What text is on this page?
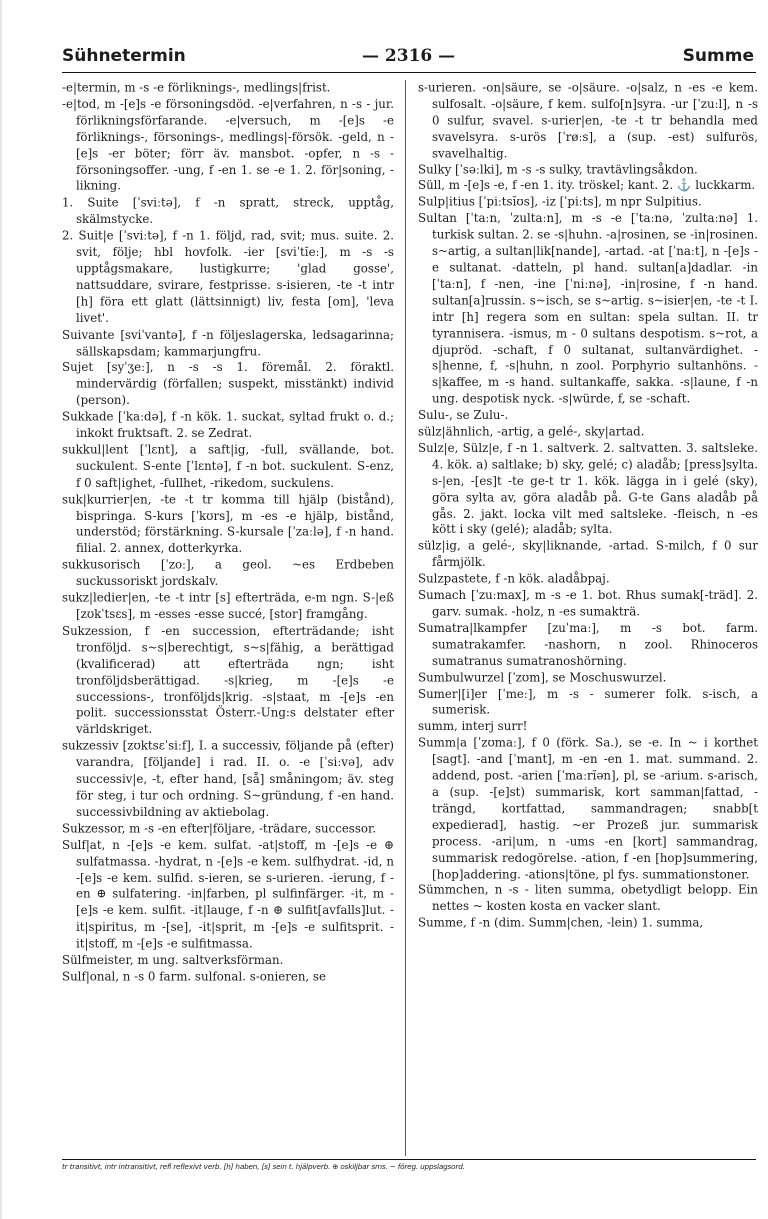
Sühnetermin	— 2316 —	Summe

-e|termin, m -s -e förliknings-, medlings|frist.

-e|tod, m -[e]s -e försoningsdöd. -e|verfahren, n -s - jur. förlikningsförfarande. -e|versuch, m -[e]s -e förliknings-, försonings-, medlings|-försök. -geld, n -[e]s -er böter; förr äv. mansbot. -opfer, n -s - försoningsoffer. -ung, f -en 1. se -e 1. 2. för|soning, -likning.

1. Suite [ˈsviːtə], f -n spratt, streck, upptåg, skälmstycke.

2. Suit|e [ˈsviːtə], f -n 1. följd, rad, svit; mus. suite. 2. svit, följe; hbl hovfolk. -ier [sviˈtĭeː], m -s -s upptågsmakare, lustigkurre; 'glad gosse', nattsuddare, svirare, festprisse. s-isieren, -te -t intr [h] föra ett glatt (lättsinnigt) liv, festa [om], 'leva livet'.

Suivante [sviˈvantə], f -n följeslagerska, ledsagarinna; sällskapsdam; kammarjungfru.

Sujet [syˈʒeː], n -s -s 1. föremål. 2. föraktl. mindervärdig (förfallen; suspekt, misstänkt) individ (person).

Sukkade [ˈkaːdə], f -n kök. 1. suckat, syltad frukt o. d.; inkokt fruktsaft. 2. se Zedrat.

sukkul|lent [ˈlɛnt], a saft|ig, -full, svällande, bot. suckulent. S-ente [ˈlɛntə], f -n bot. suckulent. S-enz, f 0 saft|ighet, -fullhet, -rikedom, suckulens.

suk|kurrier|en, -te -t tr komma till hjälp (bistånd), bispringa. S-kurs [ˈkʊrs], m -es -e hjälp, bistånd, understöd; förstärkning. S-kursale [ˈzaːlə], f -n hand. filial. 2. annex, dotterkyrka.

sukkusorisch [ˈzoː], a geol. ~es Erdbeben suckussoriskt jordskalv.

sukz|ledier|en, -te -t intr [s] efterträda, e-m ngn. S-|eß [zʊkˈtsɛs], m -esses -esse succé, [stor] framgång.

Sukzession, f -en succession, efterträdande; isht tronföljd. s~s|berechtigt, s~s|fähig, a berättigad (kvalificerad) att efterträda ngn; isht tronföljdsberättigad. -s|krieg, m -[e]s -e successions-, tronföljds|krig. -s|staat, m -[e]s -en polit. successionsstat Österr.-Ung:s delstater efter världskriget.

sukzessiv [zʊktsɛˈsiːf], I. a successiv, följande på (efter) varandra, [följande] i rad. II. o. -e [ˈsiːvə], adv successiv|e, -t, efter hand, [så] småningom; äv. steg för steg, i tur och ordning. S~gründung, f -en hand. successivbildning av aktiebolag.

Sukzessor, m -s -en efter|följare, -trädare, successor.

Sulf|at, n -[e]s -e kem. sulfat. -at|stoff, m -[e]s -e ⊕ sulfatmassa. -hydrat, n -[e]s -e kem. sulfhydrat. -id, n -[e]s -e kem. sulfid. s-ieren, se s-urieren. -ierung, f -en ⊕ sulfatering. -in|farben, pl sulfinfärger. -it, m -[e]s -e kem. sulfit. -it|lauge, f -n ⊕ sulfit[avfalls]lut. -it|spiritus, m -[se], -it|sprit, m -[e]s -e sulfitsprit. -it|stoff, m -[e]s -e sulfitmassa.

Sülfmeister, m ung. saltverksförman.

Sulf|onal, n -s 0 farm. sulfonal. s-onieren, se

s-urieren. -on|säure, se -o|säure. -o|salz, n -es -e kem. sulfosalt. -o|säure, f kem. sulfo[n]syra. -ur [ˈzuːl], n -s 0 sulfur, svavel. s-urier|en, -te -t tr behandla med svavelsyra. s-urös [ˈrøːs], a (sup. -est) sulfurös, svavelhaltig.

Sulky [ˈsəːlki], m -s -s sulky, travtävlingsåkdon.

Süll, m -[e]s -e, f -en 1. ity. tröskel; kant. 2. ⚓ luckkarm.

Sulp|itius [ˈpiːtsĭʊs], -iz [ˈpiːts], m npr Sulpitius.

Sultan [ˈtaːn, ˈzultaːn], m -s -e [ˈtaːnə, ˈzultaːnə] 1. turkisk sultan. 2. se -s|huhn. -a|rosinen, se -in|rosinen. s~artig, a sultan|lik[nande], -artad. -at [ˈnaːt], n -[e]s -e sultanat. -datteln, pl hand. sultan[a]dadlar. -in [ˈtaːn], f -nen, -ine [ˈniːnə], -in|rosine, f -n hand. sultan[a]russin. s~isch, se s~artig. s~isier|en, -te -t I. intr [h] regera som en sultan: spela sultan. II. tr tyrannisera. -ismus, m - 0 sultans despotism. s~rot, a djupröd. -schaft, f 0 sultanat, sultanvärdighet. -s|henne, f, -s|huhn, n zool. Porphyrio sultanhöns. -s|kaffee, m -s hand. sultankaffe, sakka. -s|laune, f -n ung. despotisk nyck. -s|würde, f, se -schaft.

Sulu-, se Zulu-.

sülz|ähnlich, -artig, a gelé-, sky|artad.

Sulz|e, Sülz|e, f -n 1. saltverk. 2. saltvatten. 3. saltsleke. 4. kök. a) saltlake; b) sky, gelé; c) aladåb; [press]sylta. s-|en, -[es]t -te ge-t tr 1. kök. lägga in i gelé (sky), göra sylta av, göra aladåb på. G-te Gans aladåb på gås. 2. jakt. locka vilt med saltsleke. -fleisch, n -es kött i sky (gelé); aladåb; sylta.

sülz|ig, a gelé-, sky|liknande, -artad. S-milch, f 0 sur fårmjölk.

Sulzpastete, f -n kök. aladåbpaj.

Sumach [ˈzuːmax], m -s -e 1. bot. Rhus sumak[-träd]. 2. garv. sumak. -holz, n -es sumakträ.

Sumatra|lkampfer [zuˈmaː], m -s bot. farm. sumatrakamfer. -nashorn, n zool. Rhinoceros sumatranus sumatranoshörning.

Sumbulwurzel [ˈzʊm], se Moschuswurzel.

Sumer|[i]er [ˈmeː], m -s - sumerer folk. s-isch, a sumerisk.

summ, interj surr!

Summ|a [ˈzʊmaː], f 0 (förk. Sa.), se -e. In ~ i korthet [sagt]. -and [ˈmant], m -en -en 1. mat. summand. 2. addend, post. -arien [ˈmaːrĭən], pl, se -arium. s-arisch, a (sup. -[e]st) summarisk, kort samman|fattad, -trängd, kortfattad, sammandragen; snabb[t expedierad], hastig. ~er Prozeß jur. summarisk process. -ari|um, n -ums -en [kort] sammandrag, summarisk redogörelse. -ation, f -en [hop]summering, [hop]addering. -ations|töne, pl fys. summationstoner.

Sümmchen, n -s - liten summa, obetydligt belopp. Ein nettes ~ kosten kosta en vacker slant.

Summe, f -n (dim. Summ|chen, -lein) 1. summa,

tr transitivt, intr intransitivt, refl reflexivt verb. [h] haben, [s] sein t. hjälpverb. ⊕ oskiljbar sms. ~ föreg. uppslagsord.
